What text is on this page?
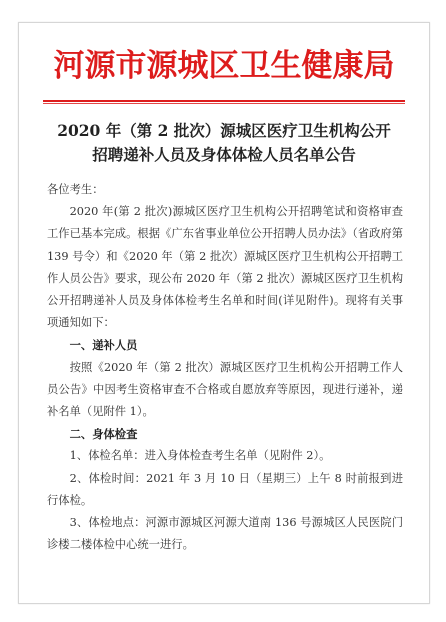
河源市源城区卫生健康局
2020 年（第 2 批次）源城区医疗卫生机构公开
招聘递补人员及身体体检人员名单公告

各位考生：

2020 年(第 2 批次)源城区医疗卫生机构公开招聘笔试和资格审查工作已基本完成。根据《广东省事业单位公开招聘人员办法》（省政府第 139 号令）和《2020 年（第 2 批次）源城区医疗卫生机构公开招聘工作人员公告》要求，现公布 2020 年（第 2 批次）源城区医疗卫生机构公开招聘递补人员及身体体检考生名单和时间(详见附件)。现将有关事项通知如下：

一、递补人员

按照《2020 年（第 2 批次）源城区医疗卫生机构公开招聘工作人员公告》中因考生资格审查不合格或自愿放弃等原因，现进行递补，递补名单（见附件 1）。

二、身体检查

1、体检名单：进入身体检查考生名单（见附件 2）。

2、体检时间：2021 年 3 月 10 日（星期三）上午 8 时前报到进行体检。

3、体检地点：河源市源城区河源大道南 136 号源城区人民医院门诊楼二楼体检中心统一进行。
